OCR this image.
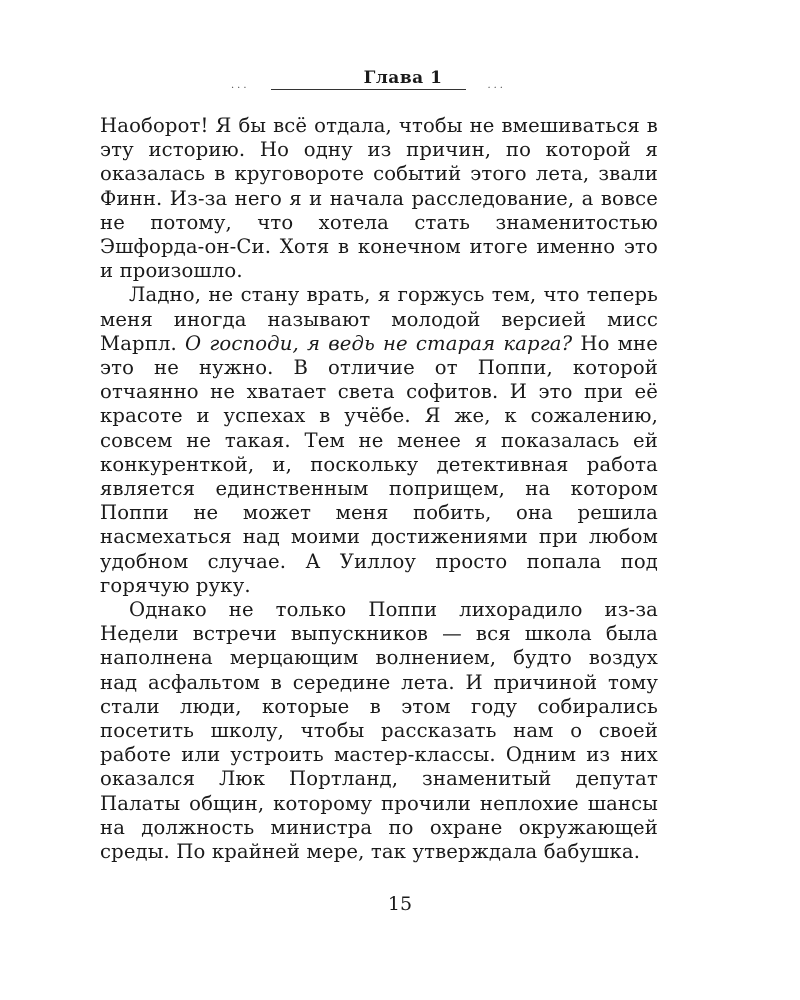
Глава 1
···	···

Наоборот! Я бы всё отдала, чтобы не вмешиваться в эту историю. Но одну из причин, по которой я оказалась в круговороте событий этого лета, звали Финн. Из-за него я и начала расследование, а вовсе не потому, что хотела стать знаменитостью Эшфорда-он-Си. Хотя в конечном итоге именно это и произошло.

Ладно, не стану врать, я горжусь тем, что теперь меня иногда называют молодой версией мисс Марпл. О господи, я ведь не старая карга? Но мне это не нужно. В отличие от Поппи, которой отчаянно не хватает света софитов. И это при её красоте и успехах в учёбе. Я же, к сожалению, совсем не такая. Тем не менее я показалась ей конкуренткой, и, поскольку детективная работа является единственным поприщем, на котором Поппи не может меня побить, она решила насмехаться над моими достижениями при любом удобном случае. А Уиллоу просто попала под горячую руку.

Однако не только Поппи лихорадило из-за Недели встречи выпускников — вся школа была наполнена мерцающим волнением, будто воздух над асфальтом в середине лета. И причиной тому стали люди, которые в этом году собирались посетить школу, чтобы рассказать нам о своей работе или устроить мастер-классы. Одним из них оказался Люк Портланд, знаменитый депутат Палаты общин, которому прочили неплохие шансы на должность министра по охране окружающей среды. По крайней мере, так утверждала бабушка.

15
